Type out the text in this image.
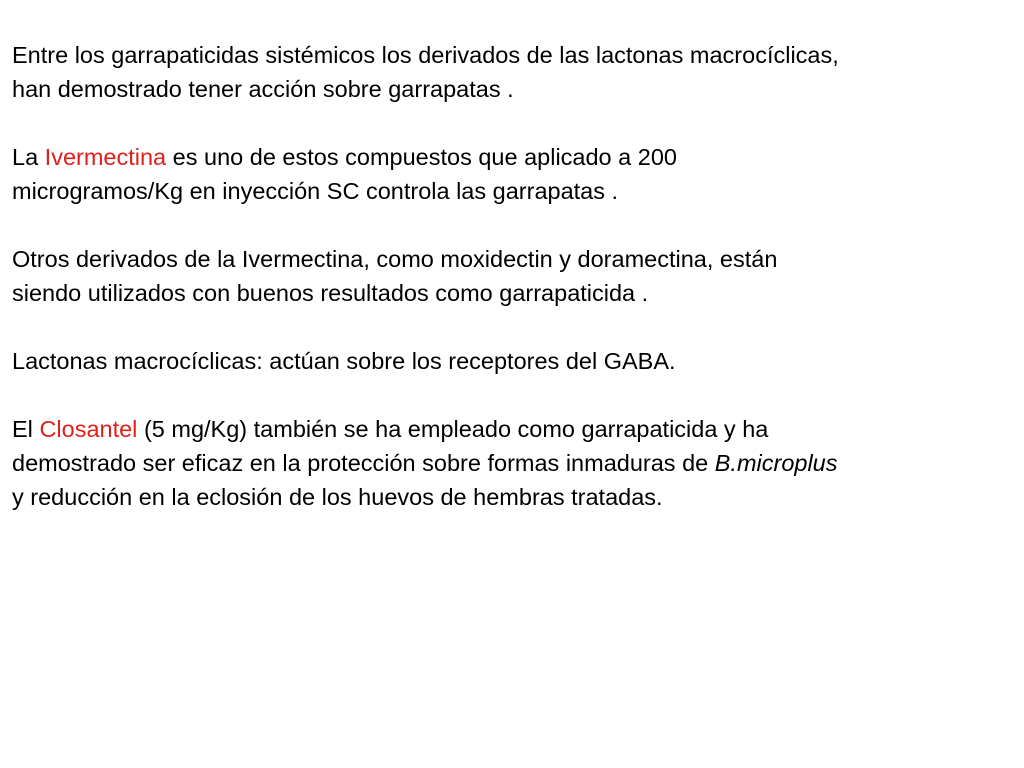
Entre los garrapaticidas sistémicos los derivados de las lactonas macrocíclicas,
han demostrado tener acción sobre garrapatas .

La Ivermectina es uno de estos compuestos que aplicado a 200
microgramos/Kg en inyección SC controla las garrapatas .

Otros derivados de la Ivermectina, como moxidectin y doramectina, están
siendo utilizados con buenos resultados como garrapaticida .

Lactonas macrocíclicas: actúan sobre los receptores del GABA.

El Closantel (5 mg/Kg) también se ha empleado como garrapaticida y ha
demostrado ser eficaz en la protección sobre formas inmaduras de B.microplus
y reducción en la eclosión de los huevos de hembras tratadas.
